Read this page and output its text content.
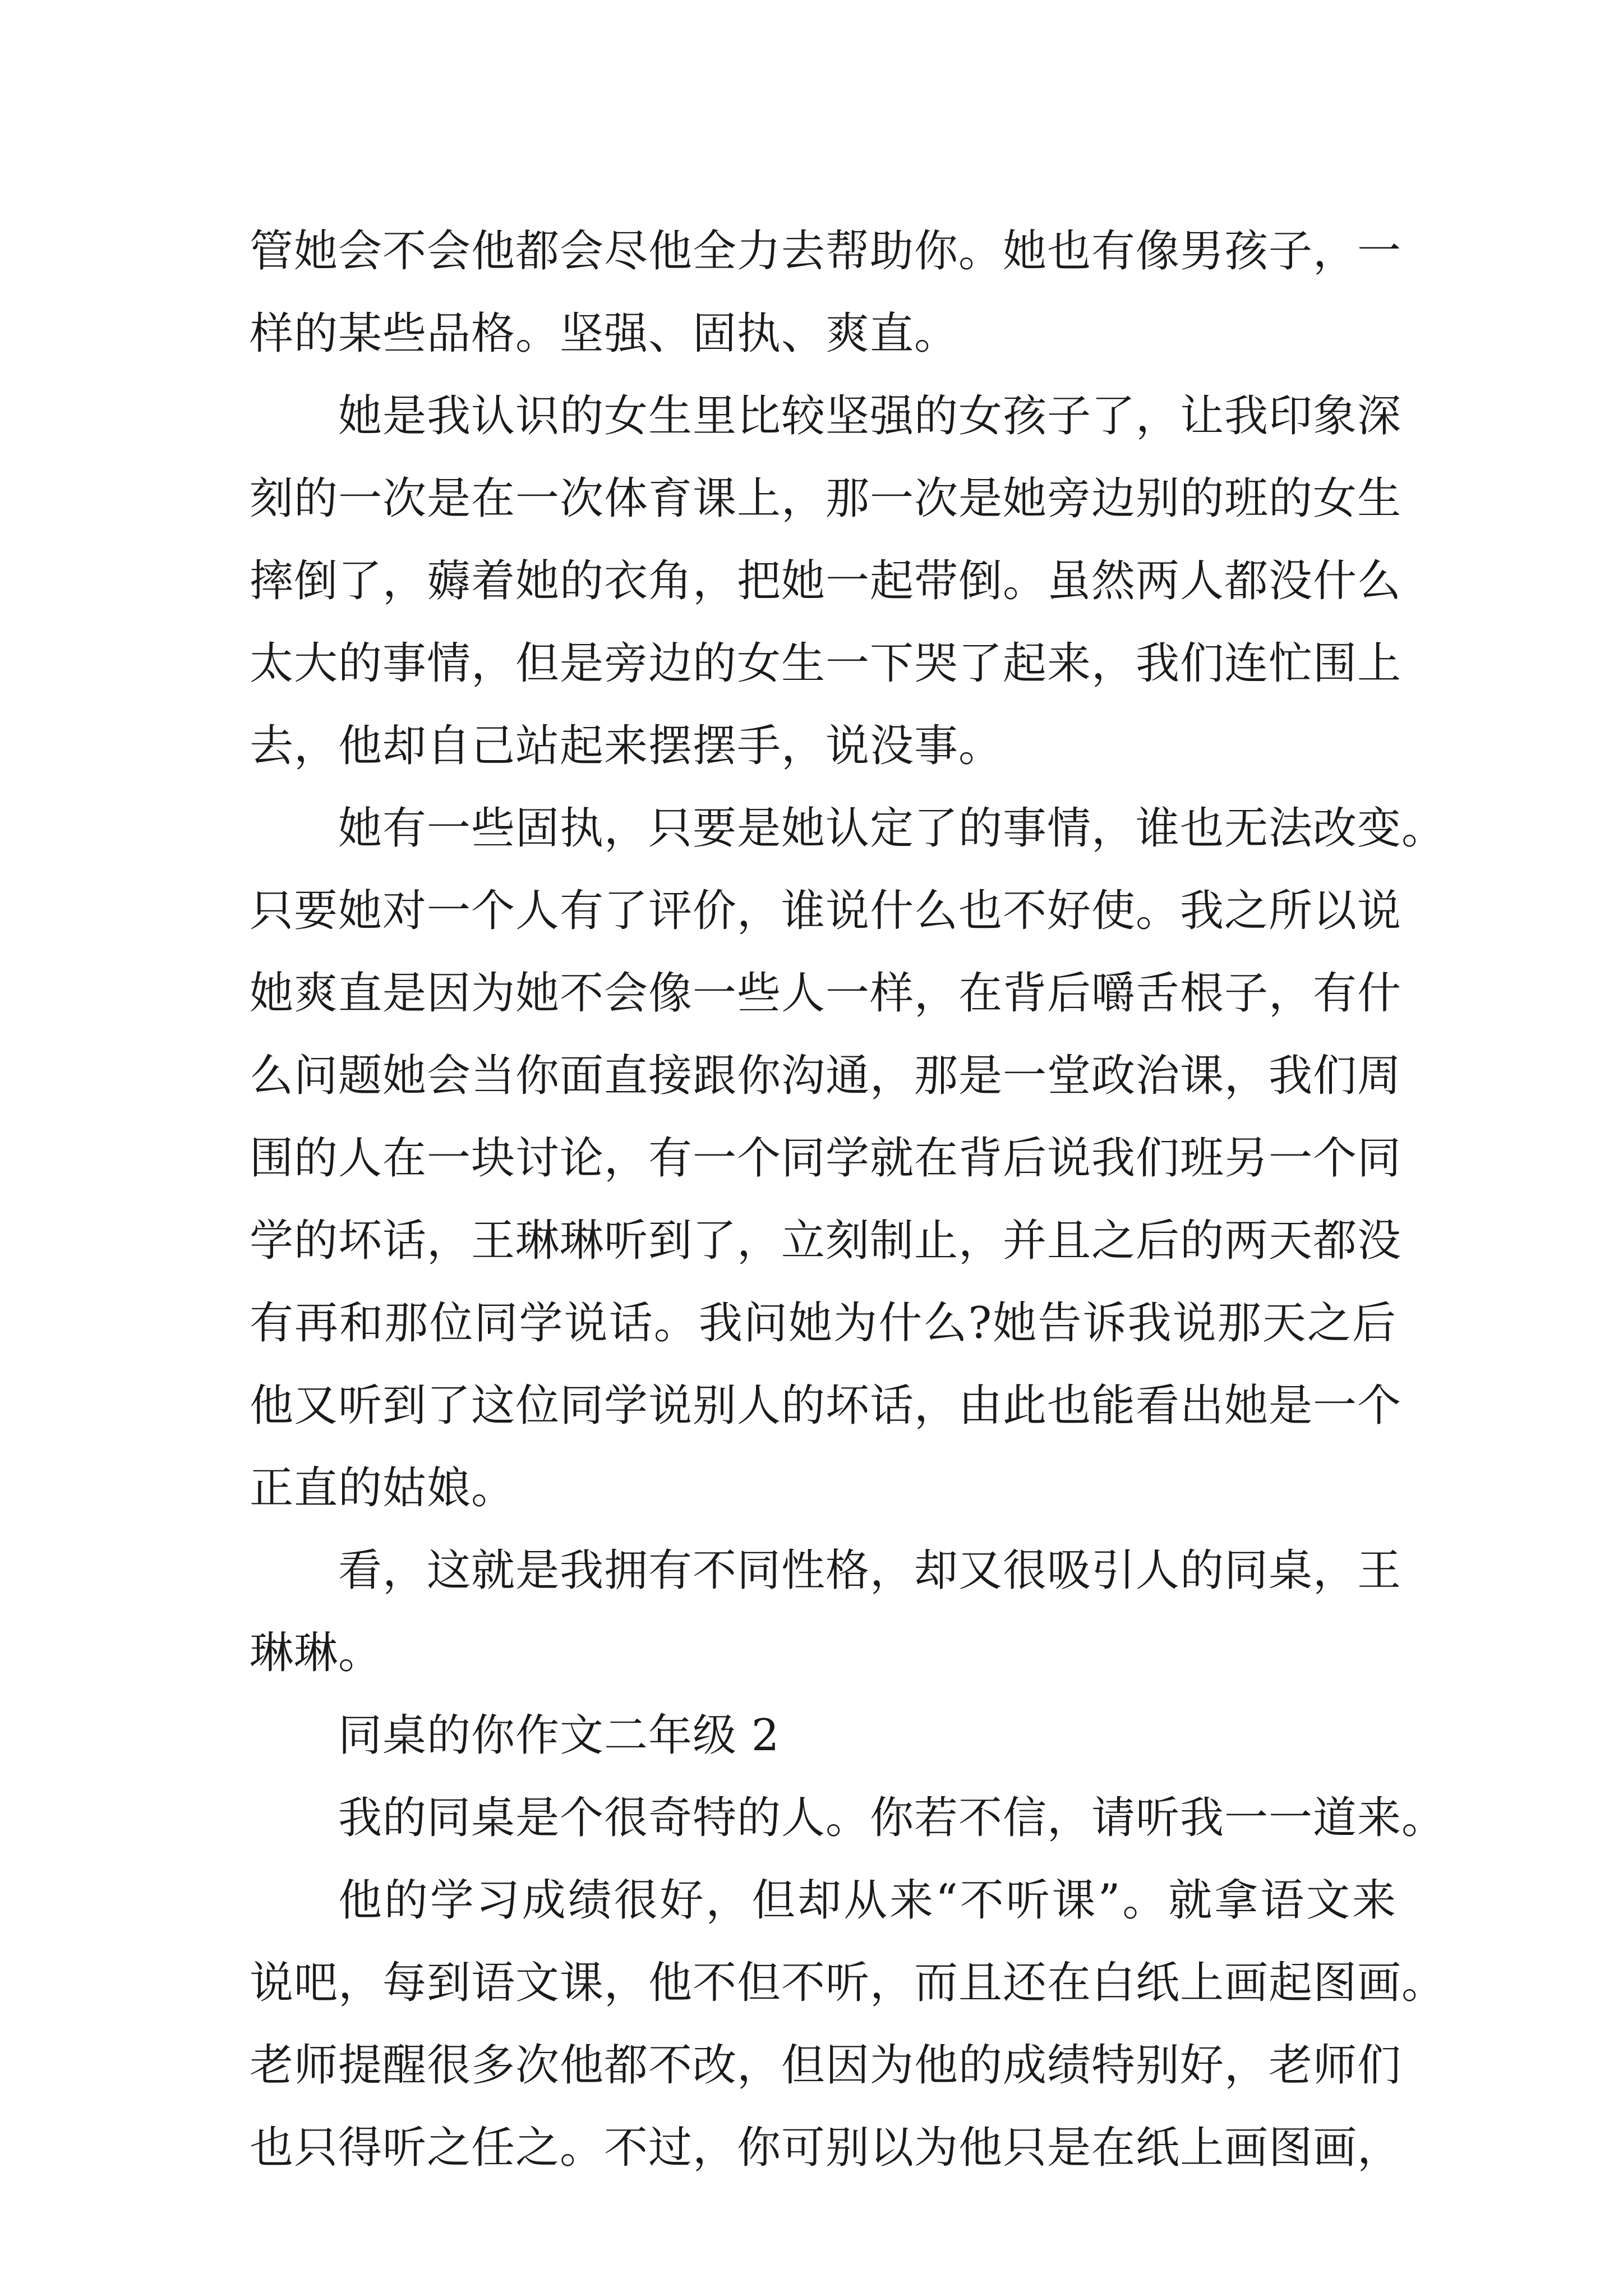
管她会不会他都会尽他全力去帮助你。她也有像男孩子，一
样的某些品格。坚强、固执、爽直。
她是我认识的女生里比较坚强的女孩子了，让我印象深
刻的一次是在一次体育课上，那一次是她旁边别的班的女生
摔倒了，薅着她的衣角，把她一起带倒。虽然两人都没什么
太大的事情，但是旁边的女生一下哭了起来，我们连忙围上
去，他却自己站起来摆摆手，说没事。
她有一些固执，只要是她认定了的事情，谁也无法改变。
只要她对一个人有了评价，谁说什么也不好使。我之所以说
她爽直是因为她不会像一些人一样，在背后嚼舌根子，有什
么问题她会当你面直接跟你沟通，那是一堂政治课，我们周
围的人在一块讨论，有一个同学就在背后说我们班另一个同
学的坏话，王琳琳听到了，立刻制止，并且之后的两天都没
有再和那位同学说话。我问她为什么?她告诉我说那天之后
他又听到了这位同学说别人的坏话，由此也能看出她是一个
正直的姑娘。
看，这就是我拥有不同性格，却又很吸引人的同桌，王
琳琳。
同桌的你作文二年级 2
我的同桌是个很奇特的人。你若不信，请听我一一道来。
他的学习成绩很好，但却从来“不听课”。就拿语文来
说吧，每到语文课，他不但不听，而且还在白纸上画起图画。
老师提醒很多次他都不改，但因为他的成绩特别好，老师们
也只得听之任之。不过，你可别以为他只是在纸上画图画，
